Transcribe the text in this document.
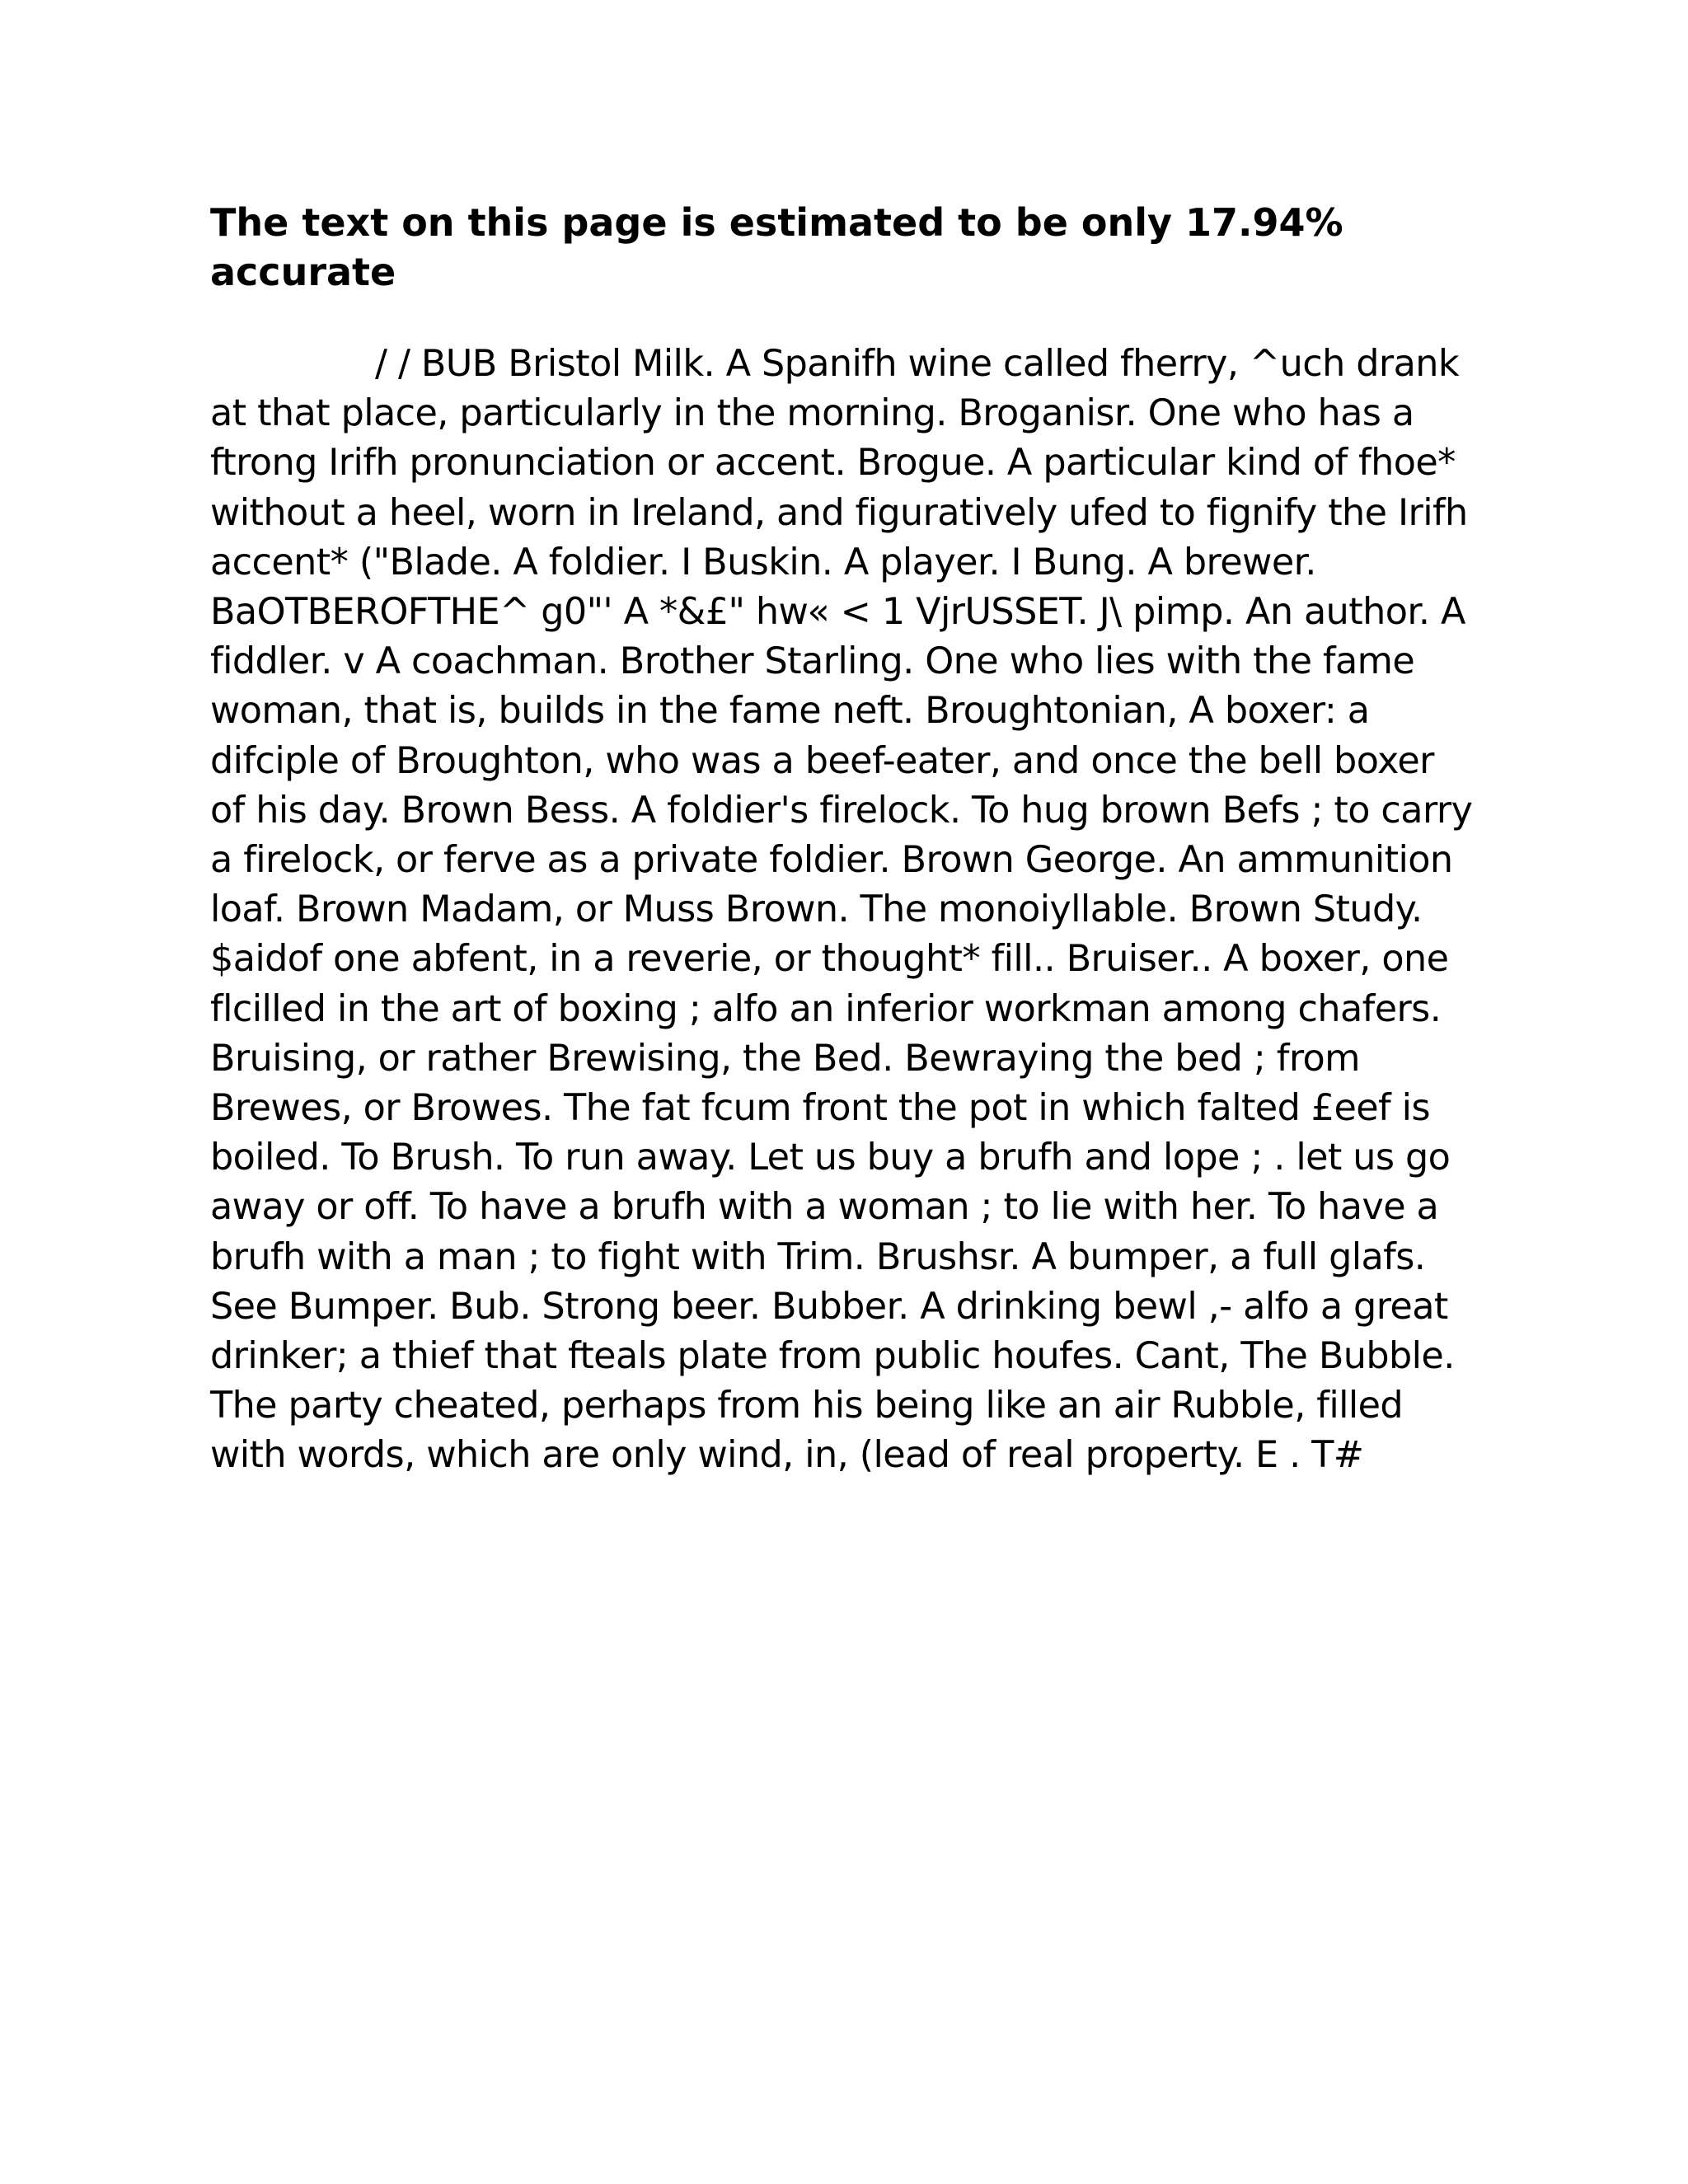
The text on this page is estimated to be only 17.94% accurate

/ / BUB Bristol Milk. A Spanifh wine called fherry, ^uch drank at that place, particularly in the morning. Broganisr. One who has a ftrong Irifh pronunciation or accent. Brogue. A particular kind of fhoe* without a heel, worn in Ireland, and figuratively ufed to fignify the Irifh accent* ("Blade. A foldier. I Buskin. A player. I Bung. A brewer. BaOTBEROFTHE^ g0"' A *&£" hw« < 1 VjrUSSET. J\ pimp. An author. A fiddler. v A coachman. Brother Starling. One who lies with the fame woman, that is, builds in the fame neft. Broughtonian, A boxer: a difciple of Broughton, who was a beef-eater, and once the bell boxer of his day. Brown Bess. A foldier's firelock. To hug brown Befs ; to carry a firelock, or ferve as a private foldier. Brown George. An ammunition loaf. Brown Madam, or Muss Brown. The monoiyllable. Brown Study. $aidof one abfent, in a reverie, or thought* fill.. Bruiser.. A boxer, one flcilled in the art of boxing ; alfo an inferior workman among chafers. Bruising, or rather Brewising, the Bed. Bewraying the bed ; from Brewes, or Browes. The fat fcum front the pot in which falted £eef is boiled. To Brush. To run away. Let us buy a brufh and lope ; . let us go away or off. To have a brufh with a woman ; to lie with her. To have a brufh with a man ; to fight with Trim. Brushsr. A bumper, a full glafs. See Bumper. Bub. Strong beer. Bubber. A drinking bewl ,- alfo a great drinker; a thief that fteals plate from public houfes. Cant, The Bubble. The party cheated, perhaps from his being like an air Rubble, filled with words, which are only wind, in, (lead of real property. E . T#
